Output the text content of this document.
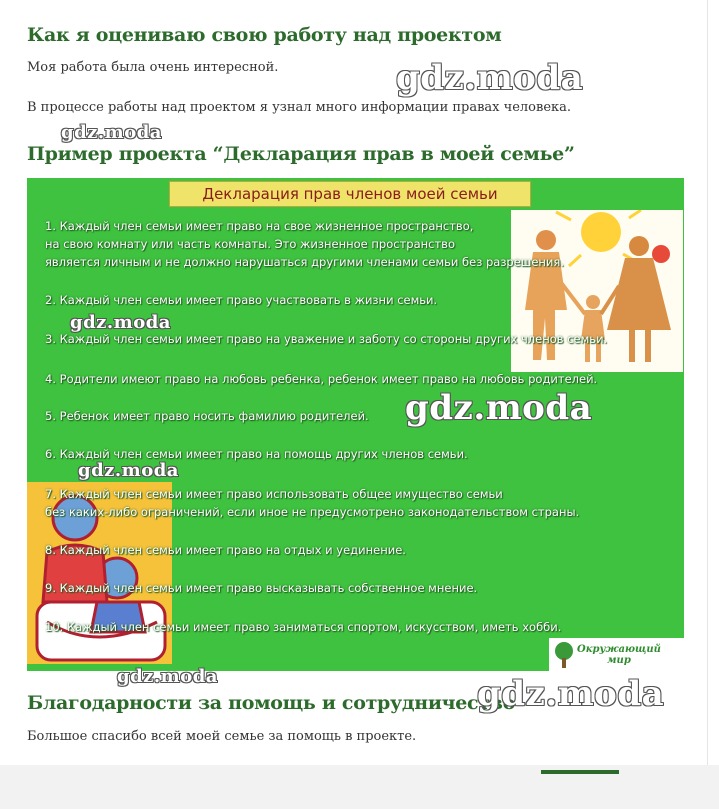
Как я оцениваю свою работу над проектом

Моя работа была очень интересной.

В процессе работы над проектом я узнал много информации правах человека.

Пример проекта “Декларация прав в моей семье”
Декларация прав членов моей семьи

1. Каждый член семьи имеет право на свое жизненное пространство,
на свою комнату или часть комнаты. Это жизненное пространство
является личным и не должно нарушаться другими членами семьи без разрешения.

2. Каждый член семьи имеет право участвовать в жизни семьи.

3. Каждый член семьи имеет право на уважение и заботу со стороны других членов семьи.

4. Родители имеют право на любовь ребенка, ребенок имеет право на любовь родителей.

5. Ребенок имеет право носить фамилию родителей.

6. Каждый член семьи имеет право на помощь других членов семьи.

7. Каждый член семьи имеет право использовать общее имущество семьи
без каких-либо ограничений, если иное не предусмотрено законодательством страны.

8. Каждый член семьи имеет право на отдых и уединение.

9. Каждый член семьи имеет право высказывать собственное мнение.

10. Каждый член семьи имеет право заниматься спортом, искусством, иметь хобби.

Окружающий
мир
Благодарности за помощь и сотрудничество

Большое спасибо всей моей семье за помощь в проекте.

gdz.moda
gdz.moda
gdz.moda
gdz.moda
gdz.moda
gdz.moda	gdz.moda
